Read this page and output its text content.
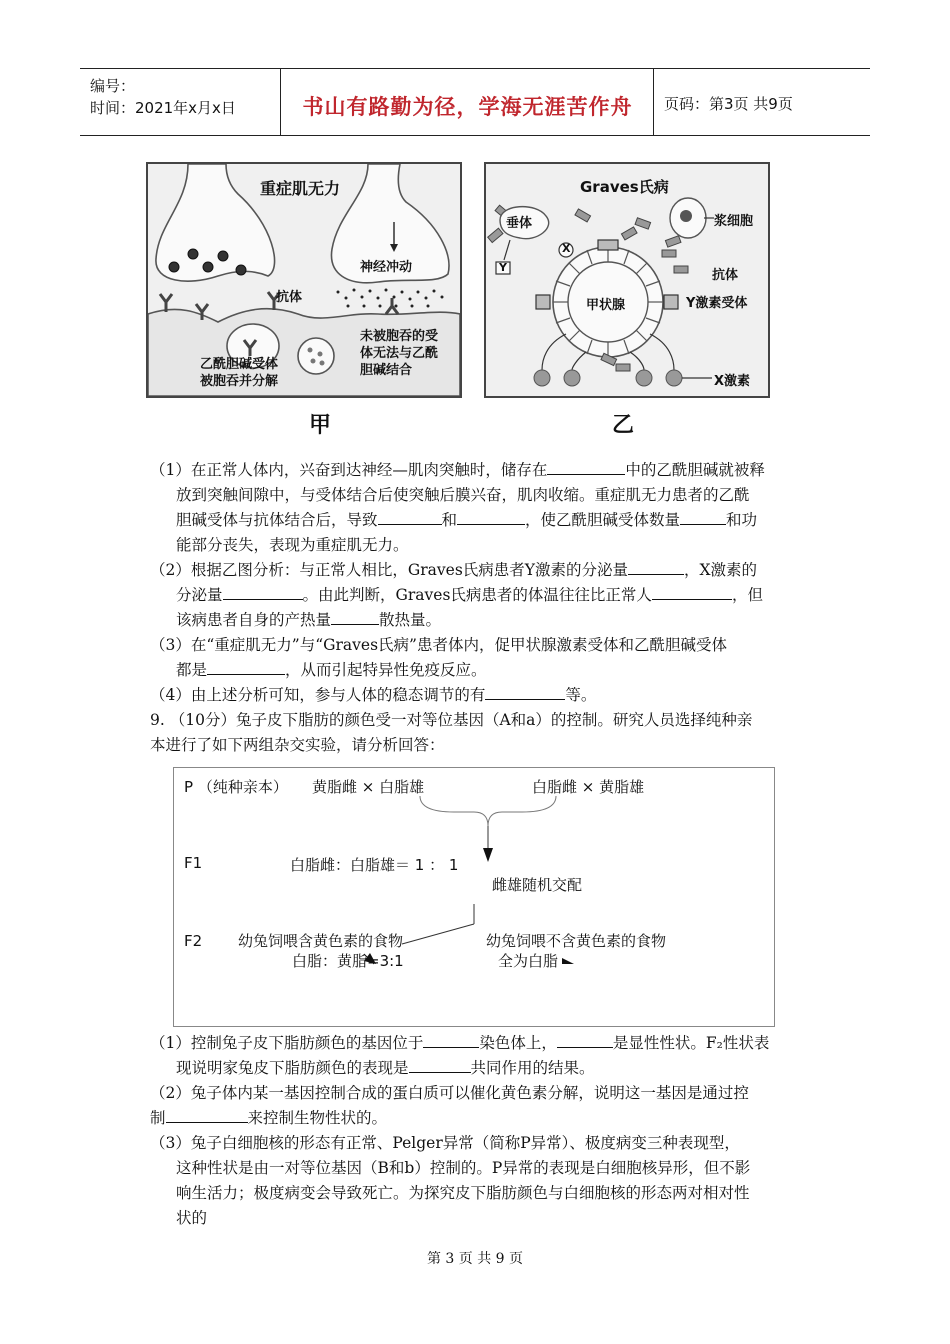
编号：
时间：2021年x月x日	书山有路勤为径，学海无涯苦作舟	页码：第3页 共9页
重症肌无力
抗体
神经冲动
乙酰胆碱受体
被胞吞并分解
未被胞吞的受
体无法与乙酰
胆碱结合
甲
Graves氏病
垂体
X
Y
浆细胞
抗体
Y激素受体
甲状腺
X激素
乙
（1）在正常人体内，兴奋到达神经—肌肉突触时，储存在	中的乙酰胆碱就被释
放到突触间隙中，与受体结合后使突触后膜兴奋，肌肉收缩。重症肌无力患者的乙酰
胆碱受体与抗体结合后，导致	和	，使乙酰胆碱受体数量	和功
能部分丧失，表现为重症肌无力。
（2）根据乙图分析：与正常人相比，Graves氏病患者Y激素的分泌量	，X激素的
分泌量	。由此判断，Graves氏病患者的体温往往比正常人	，但
该病患者自身的产热量	散热量。
（3）在“重症肌无力”与“Graves氏病”患者体内，促甲状腺激素受体和乙酰胆碱受体
都是	，从而引起特异性免疫反应。
（4）由上述分析可知，参与人体的稳态调节的有	等。
9. （10分）兔子皮下脂肪的颜色受一对等位基因（A和a）的控制。研究人员选择纯种亲
本进行了如下两组杂交实验，请分析回答：
P （纯种亲本） 黄脂雌 × 白脂雄	白脂雌 × 黄脂雄
F1	白脂雌：白脂雄＝ 1 ： 1
雌雄随机交配
F2 幼兔饲喂含黄色素的食物
白脂：黄脂=3:1
幼兔饲喂不含黄色素的食物
全为白脂
（1）控制兔子皮下脂肪颜色的基因位于	染色体上，	是显性性状。F₂性状表
现说明家兔皮下脂肪颜色的表现是	共同作用的结果。
（2）兔子体内某一基因控制合成的蛋白质可以催化黄色素分解，说明这一基因是通过控
制	来控制生物性状的。
（3）兔子白细胞核的形态有正常、Pelger异常（简称P异常）、极度病变三种表现型，
这种性状是由一对等位基因（B和b）控制的。P异常的表现是白细胞核异形，但不影
响生活力；极度病变会导致死亡。为探究皮下脂肪颜色与白细胞核的形态两对相对性
状的
第 3 页 共 9 页
